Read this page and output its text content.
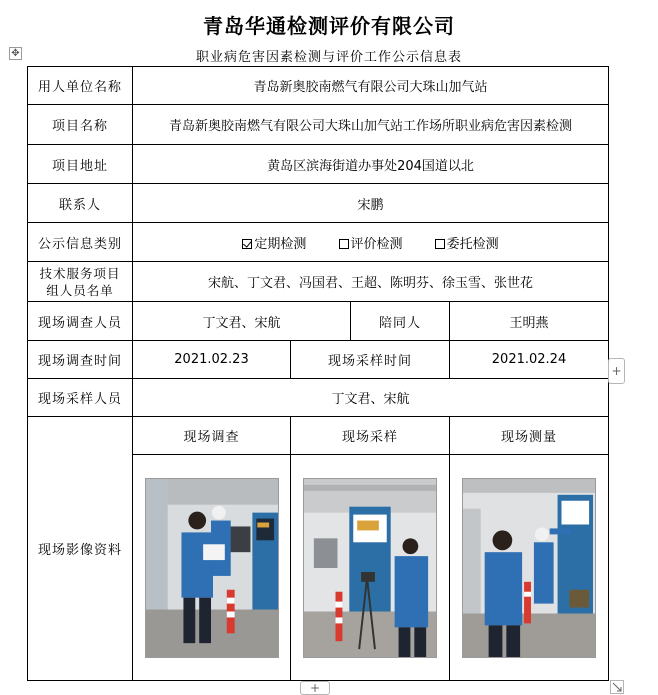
青岛华通检测评价有限公司
职业病危害因素检测与评价工作公示信息表
✥
用人单位名称	青岛新奥胶南燃气有限公司大珠山加气站			
项目名称	青岛新奥胶南燃气有限公司大珠山加气站工作场所职业病危害因素检测			
项目地址	黄岛区滨海街道办事处204国道以北			
联系人	宋鹏			
公示信息类别	定期检测 评价检测 委托检测			
技术服务项目
组人员名单	宋航、丁文君、冯国君、王超、陈明芬、徐玉雪、张世花			
现场调查人员	丁文君、宋航		陪同人	王明燕
现场调查时间	2021.02.23	现场采样时间		2021.02.24
现场采样人员	丁文君、宋航			
现场影像资料	现场调查	现场采样		现场测量

+
+
